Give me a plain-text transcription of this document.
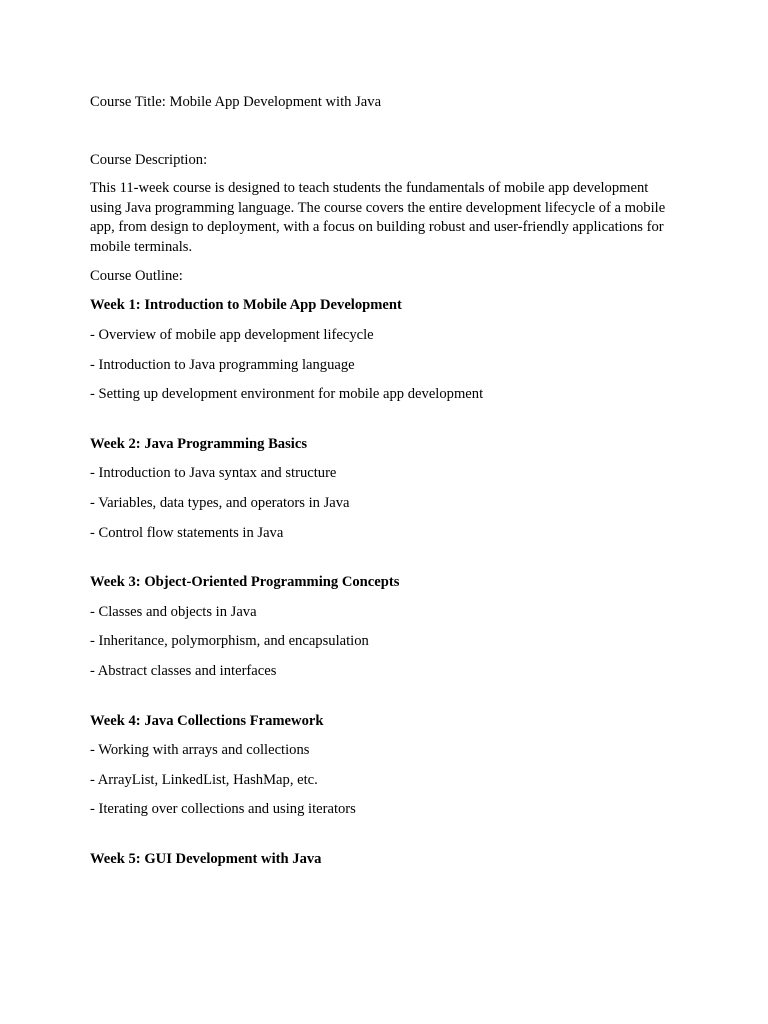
Course Title: Mobile App Development with Java

Course Description:

This 11-week course is designed to teach students the fundamentals of mobile app development using Java programming language. The course covers the entire development lifecycle of a mobile app, from design to deployment, with a focus on building robust and user-friendly applications for mobile terminals.

Course Outline:

Week 1: Introduction to Mobile App Development

- Overview of mobile app development lifecycle

- Introduction to Java programming language

- Setting up development environment for mobile app development

Week 2: Java Programming Basics

- Introduction to Java syntax and structure

- Variables, data types, and operators in Java

- Control flow statements in Java

Week 3: Object-Oriented Programming Concepts

- Classes and objects in Java

- Inheritance, polymorphism, and encapsulation

- Abstract classes and interfaces

Week 4: Java Collections Framework

- Working with arrays and collections

- ArrayList, LinkedList, HashMap, etc.

- Iterating over collections and using iterators

Week 5: GUI Development with Java
